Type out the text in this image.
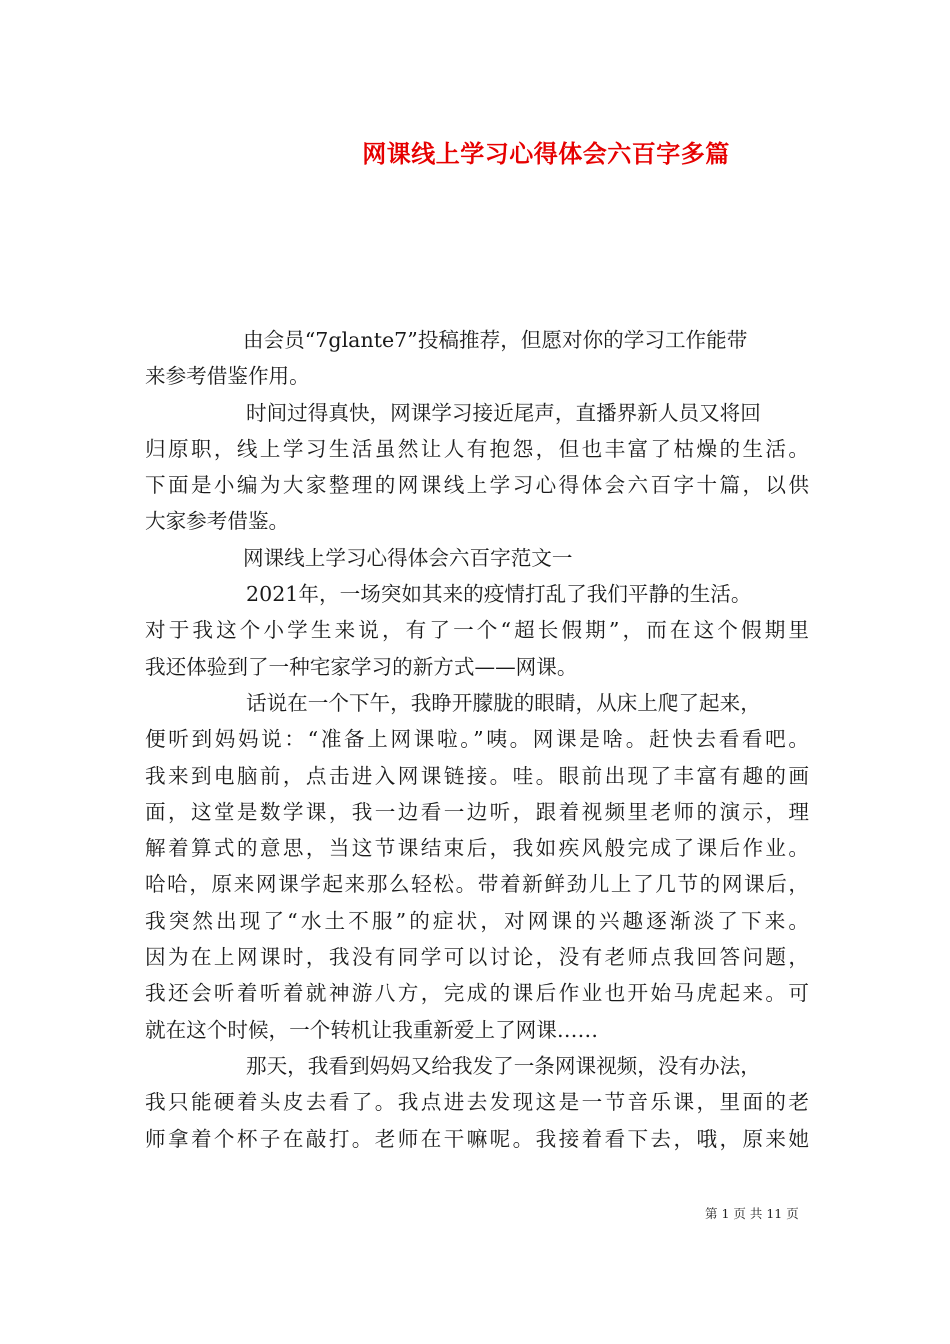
网课线上学习心得体会六百字多篇
由会员“7glante7”投稿推荐，但愿对你的学习工作能带
来参考借鉴作用。
时间过得真快，网课学习接近尾声，直播界新人员又将回
归原职，线上学习生活虽然让人有抱怨，但也丰富了枯燥的生活。
下面是小编为大家整理的网课线上学习心得体会六百字十篇，以供
大家参考借鉴。
网课线上学习心得体会六百字范文一
2021年，一场突如其来的疫情打乱了我们平静的生活。
对于我这个小学生来说，有了一个“超长假期”，而在这个假期里
我还体验到了一种宅家学习的新方式——网课。
话说在一个下午，我睁开朦胧的眼睛，从床上爬了起来，
便听到妈妈说：“准备上网课啦。”咦。网课是啥。赶快去看看吧。
我来到电脑前，点击进入网课链接。哇。眼前出现了丰富有趣的画
面，这堂是数学课，我一边看一边听，跟着视频里老师的演示，理
解着算式的意思，当这节课结束后，我如疾风般完成了课后作业。
哈哈，原来网课学起来那么轻松。带着新鲜劲儿上了几节的网课后，
我突然出现了“水土不服”的症状，对网课的兴趣逐渐淡了下来。
因为在上网课时，我没有同学可以讨论，没有老师点我回答问题，
我还会听着听着就神游八方，完成的课后作业也开始马虎起来。可
就在这个时候，一个转机让我重新爱上了网课……
那天，我看到妈妈又给我发了一条网课视频，没有办法，
我只能硬着头皮去看了。我点进去发现这是一节音乐课，里面的老
师拿着个杯子在敲打。老师在干嘛呢。我接着看下去，哦，原来她
第 1 页 共 11 页
